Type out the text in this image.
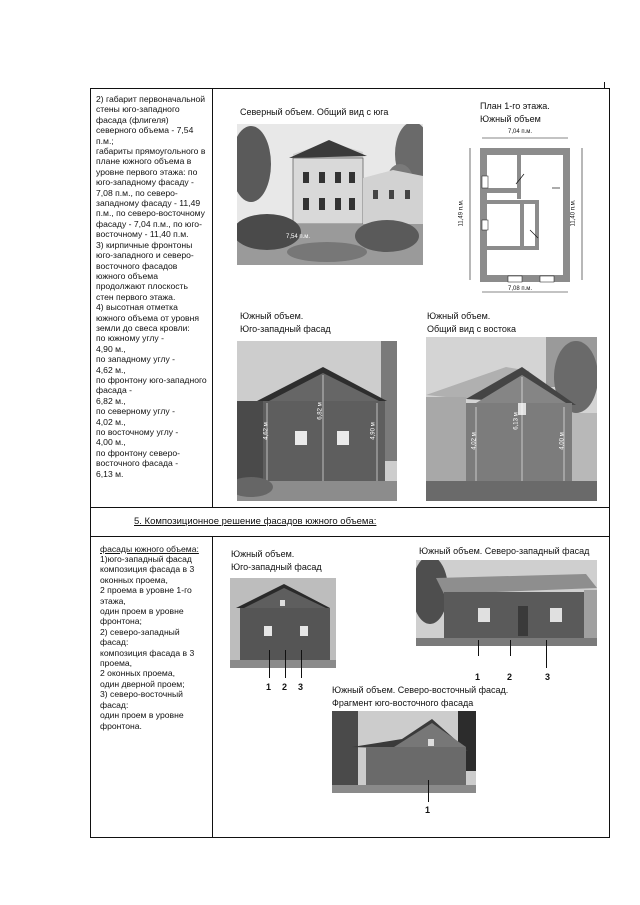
2) габарит первоначальной
стены юго-западного
фасада (флигеля)
северного объема - 7,54
п.м.;
габариты прямоугольного в
плане южного объема в
уровне первого этажа: по
юго-западному фасаду -
7,08 п.м., по северо-
западному фасаду - 11,49
п.м., по северо-восточному
фасаду - 7,04 п.м., по юго-
восточному - 11,40 п.м.
3) кирпичные фронтоны
юго-западного и северо-
восточного фасадов
южного объема
продолжают плоскость
стен первого этажа.
4) высотная отметка
южного объема от уровня
земли до свеса кровли:
по южному углу -
4,90 м.,
по западному углу -
4,62 м.,
по фронтону юго-западного
фасада -
6,82 м.,
по северному углу -
4,02 м.,
по восточному углу -
4,00 м.,
по фронтону северо-
восточного фасада -
6,13 м.
Северный объем. Общий вид с юга
7,54 п.м.
План 1-го этажа.
Южный объем
7,04 п.м.
7,08 п.м.
11,49 п.м.	11,40 п.м.
Южный объем.
Юго-западный фасад
6,82 м
4,62 м	4,90 м
Южный объем.
Общий вид с востока
6,13 м
4,02 м	4,00 м
5. Композиционное решение фасадов южного объема:
фасады южного объема:
1)юго-западный фасад
композиция фасада в 3
оконных проема,
2 проема в уровне 1-го
этажа,
один проем в уровне
фронтона;
2) северо-западный
фасад:
композиция фасада в 3
проема,
2 оконных проема,
один дверной проем;
3) северо-восточный
фасад:
один проем в уровне
фронтона.
Южный объем.
Юго-западный фасад
1 2 3
Южный объем. Северо-западный фасад
1	2	3
Южный объем. Северо-восточный фасад.
Фрагмент юго-восточного фасада
1
